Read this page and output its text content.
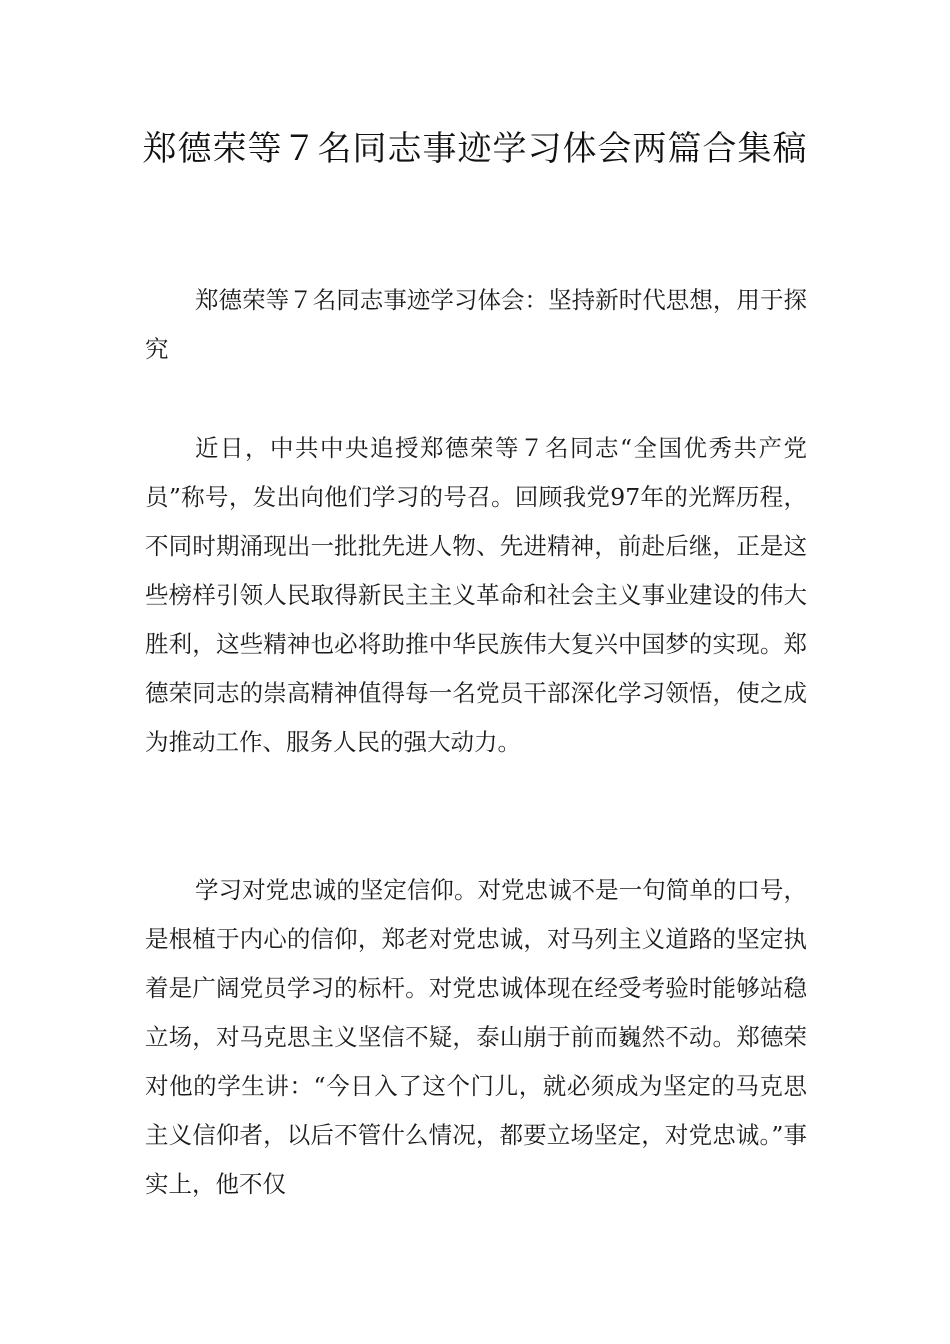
郑德荣等７名同志事迹学习体会两篇合集稿

郑德荣等７名同志事迹学习体会：坚持新时代思想，用于探究

近日，中共中央追授郑德荣等７名同志“全国优秀共产党员”称号，发出向他们学习的号召。回顾我党97年的光辉历程，不同时期涌现出一批批先进人物、先进精神，前赴后继，正是这些榜样引领人民取得新民主主义革命和社会主义事业建设的伟大胜利，这些精神也必将助推中华民族伟大复兴中国梦的实现。郑德荣同志的崇高精神值得每一名党员干部深化学习领悟，使之成为推动工作、服务人民的强大动力。

学习对党忠诚的坚定信仰。对党忠诚不是一句简单的口号，是根植于内心的信仰，郑老对党忠诚，对马列主义道路的坚定执着是广阔党员学习的标杆。对党忠诚体现在经受考验时能够站稳立场，对马克思主义坚信不疑，泰山崩于前而巍然不动。郑德荣对他的学生讲：“今日入了这个门儿，就必须成为坚定的马克思主义信仰者，以后不管什么情况，都要立场坚定，对党忠诚。”事实上，他不仅
